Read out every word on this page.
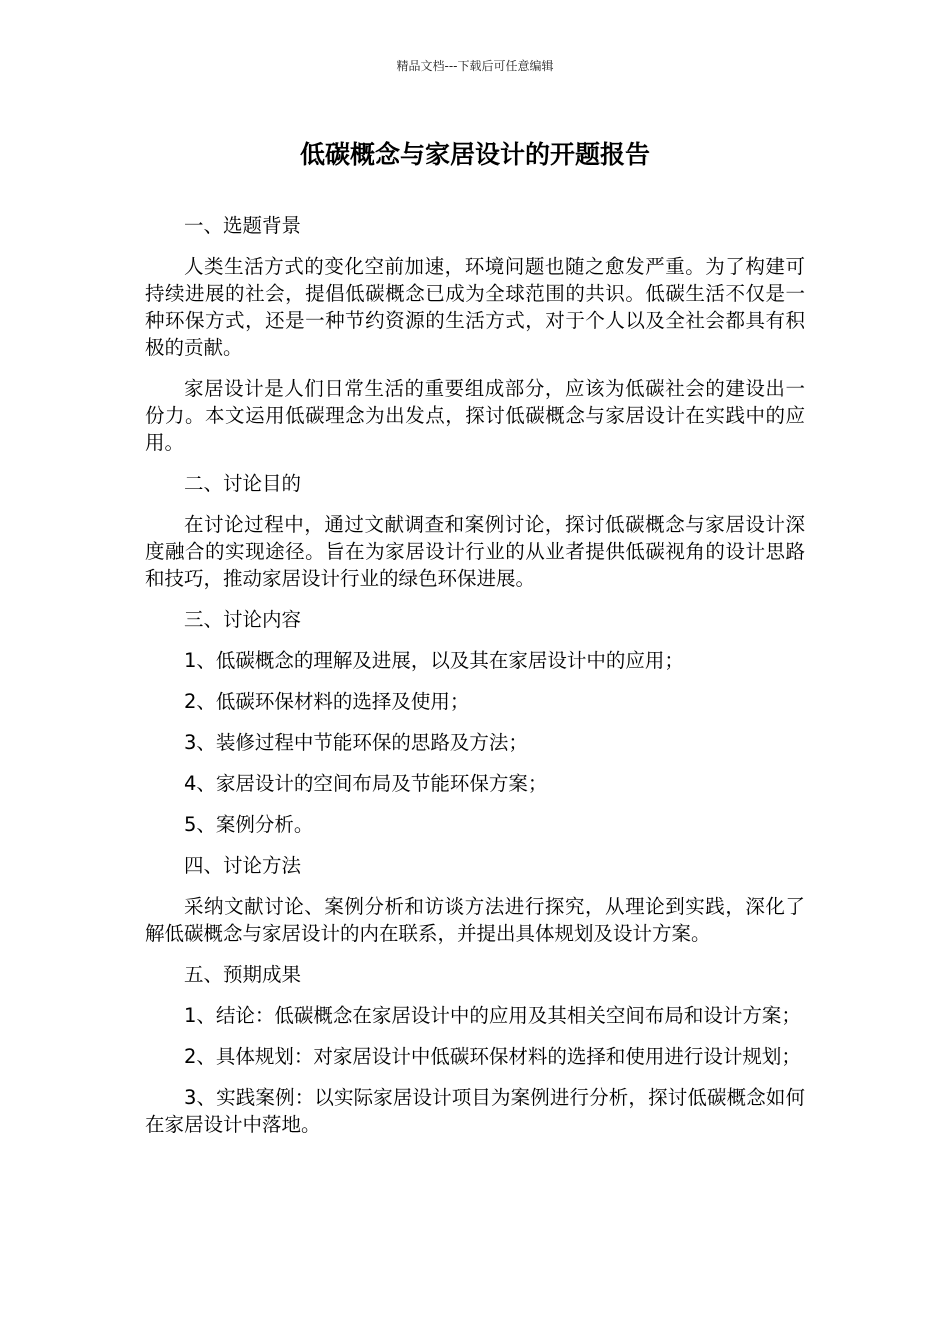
精品文档---下载后可任意编辑
低碳概念与家居设计的开题报告

一、选题背景

人类生活方式的变化空前加速，环境问题也随之愈发严重。为了构建可持续进展的社会，提倡低碳概念已成为全球范围的共识。低碳生活不仅是一种环保方式，还是一种节约资源的生活方式，对于个人以及全社会都具有积极的贡献。

家居设计是人们日常生活的重要组成部分，应该为低碳社会的建设出一份力。本文运用低碳理念为出发点，探讨低碳概念与家居设计在实践中的应用。

二、讨论目的

在讨论过程中，通过文献调查和案例讨论，探讨低碳概念与家居设计深度融合的实现途径。旨在为家居设计行业的从业者提供低碳视角的设计思路和技巧，推动家居设计行业的绿色环保进展。

三、讨论内容

1、低碳概念的理解及进展，以及其在家居设计中的应用；

2、低碳环保材料的选择及使用；

3、装修过程中节能环保的思路及方法；

4、家居设计的空间布局及节能环保方案；

5、案例分析。

四、讨论方法

采纳文献讨论、案例分析和访谈方法进行探究，从理论到实践，深化了解低碳概念与家居设计的内在联系，并提出具体规划及设计方案。

五、预期成果

1、结论：低碳概念在家居设计中的应用及其相关空间布局和设计方案；

2、具体规划：对家居设计中低碳环保材料的选择和使用进行设计规划；

3、实践案例：以实际家居设计项目为案例进行分析，探讨低碳概念如何在家居设计中落地。
